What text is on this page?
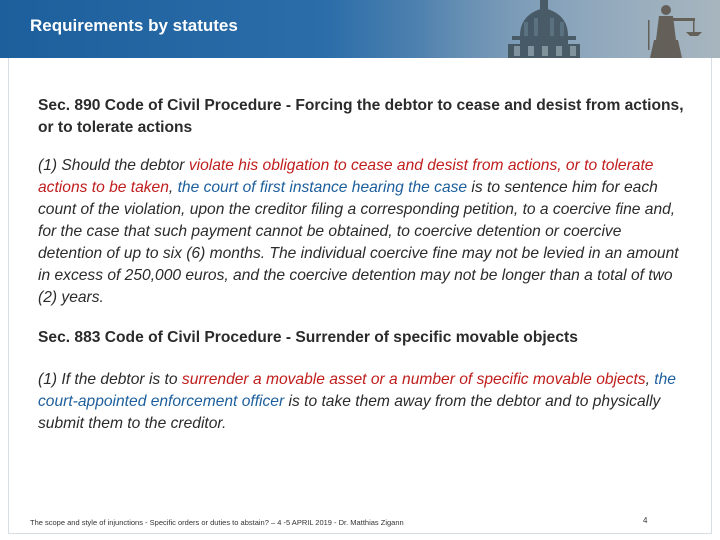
Requirements by statutes

Sec. 890 Code of Civil Procedure - Forcing the debtor to cease and desist from actions, or to tolerate actions

(1) Should the debtor violate his obligation to cease and desist from actions, or to tolerate actions to be taken, the court of first instance hearing the case is to sentence him for each count of the violation, upon the creditor filing a corresponding petition, to a coercive fine and, for the case that such payment cannot be obtained, to coercive detention or coercive detention of up to six (6) months. The individual coercive fine may not be levied in an amount in excess of 250,000 euros, and the coercive detention may not be longer than a total of two (2) years.

Sec. 883 Code of Civil Procedure - Surrender of specific movable objects

(1) If the debtor is to surrender a movable asset or a number of specific movable objects, the court-appointed enforcement officer is to take them away from the debtor and to physically submit them to the creditor.

The scope and style of injunctions - Specific orders or duties to abstain? – 4 -5 APRIL 2019 - Dr. Matthias Zigann	4
